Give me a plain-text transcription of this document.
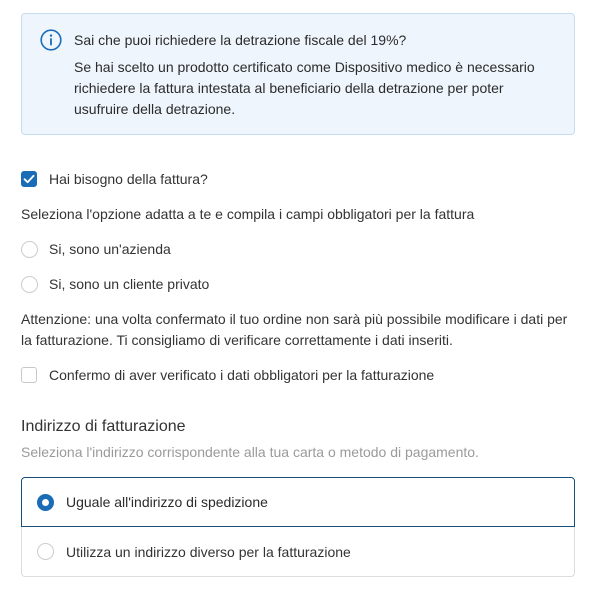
Sai che puoi richiedere la detrazione fiscale del 19%?
Se hai scelto un prodotto certificato come Dispositivo medico è necessario richiedere la fattura intestata al beneficiario della detrazione per poter usufruire della detrazione.
Hai bisogno della fattura?
Seleziona l'opzione adatta a te e compila i campi obbligatori per la fattura
Si, sono un'azienda
Si, sono un cliente privato
Attenzione: una volta confermato il tuo ordine non sarà più possibile modificare i dati per la fatturazione. Ti consigliamo di verificare correttamente i dati inseriti.
Confermo di aver verificato i dati obbligatori per la fatturazione
Indirizzo di fatturazione
Seleziona l'indirizzo corrispondente alla tua carta o metodo di pagamento.
Uguale all'indirizzo di spedizione
Utilizza un indirizzo diverso per la fatturazione
